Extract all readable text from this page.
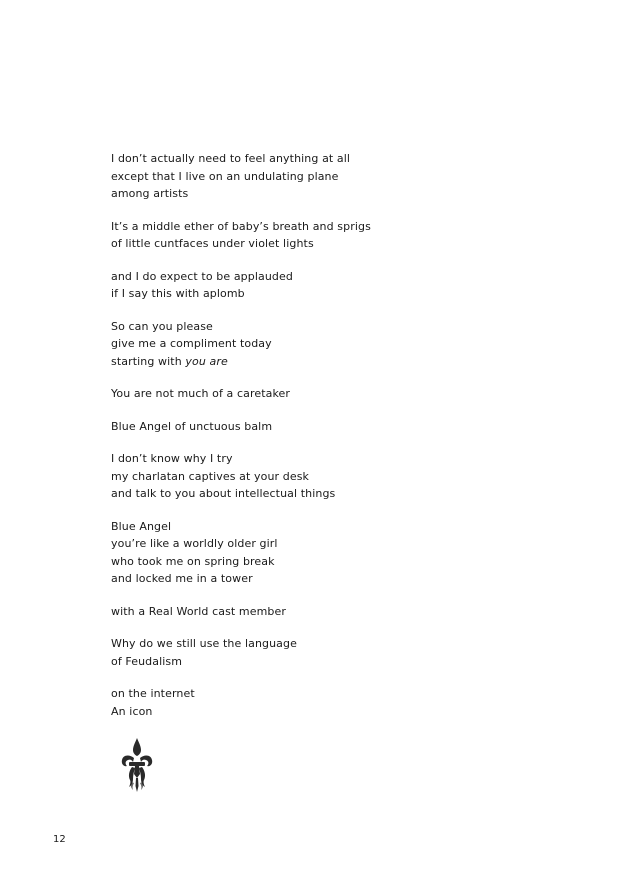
I don’t actually need to feel anything at all
except that I live on an undulating plane
among artists
It’s a middle ether of baby’s breath and sprigs
of little cuntfaces under violet lights
and I do expect to be applauded
if I say this with aplomb
So can you please
give me a compliment today
starting with you are
You are not much of a caretaker
Blue Angel of unctuous balm
I don’t know why I try
my charlatan captives at your desk
and talk to you about intellectual things
Blue Angel
you’re like a worldly older girl
who took me on spring break
and locked me in a tower
with a Real World cast member
Why do we still use the language
of Feudalism
on the internet
An icon
12
